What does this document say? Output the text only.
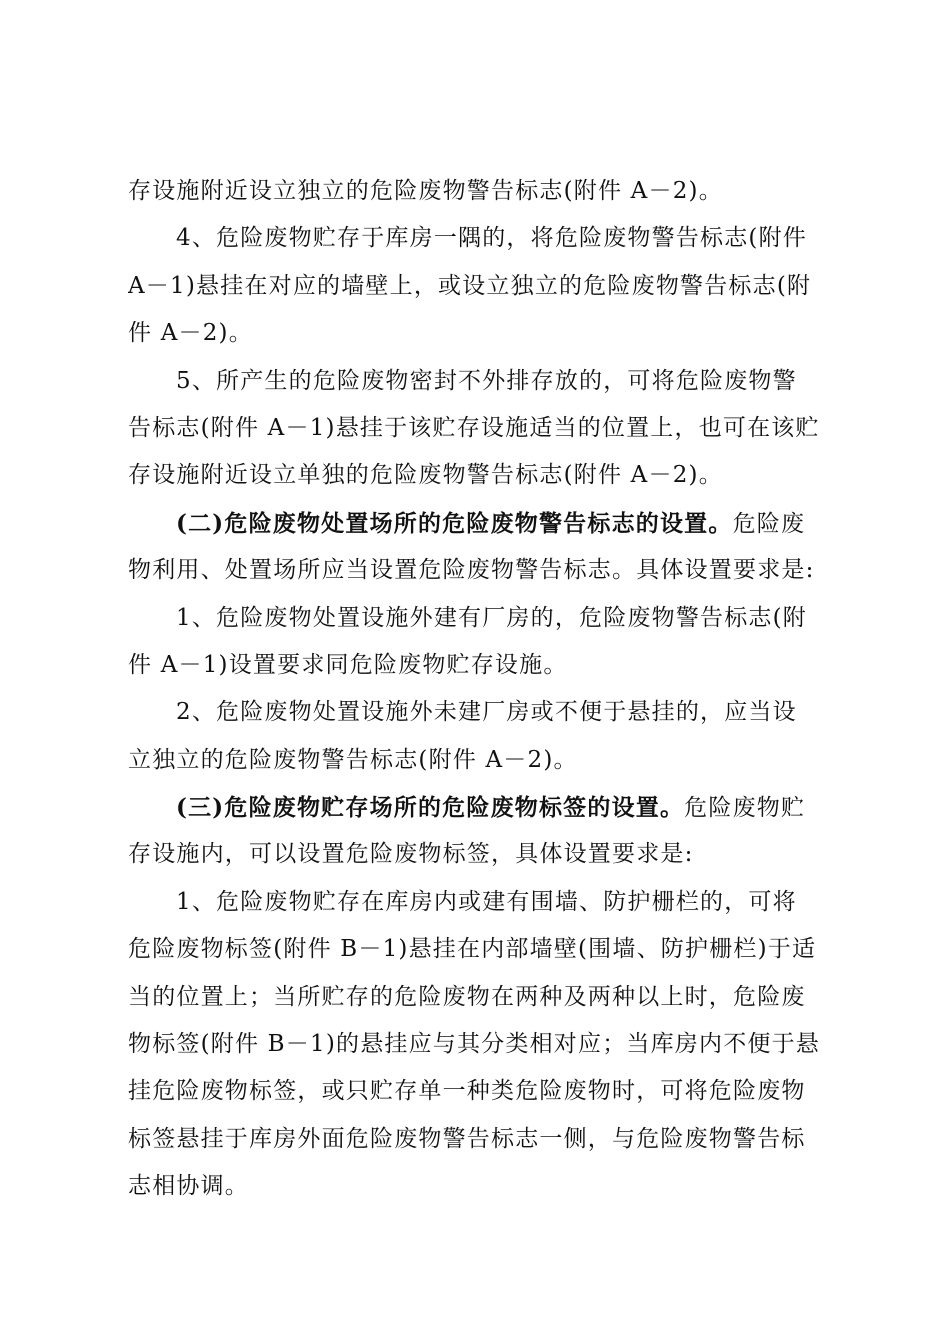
存设施附近设立独立的危险废物警告标志(附件 A－2)。
4、危险废物贮存于库房一隅的，将危险废物警告标志(附件
A－1)悬挂在对应的墙壁上，或设立独立的危险废物警告标志(附
件 A－2)。
5、所产生的危险废物密封不外排存放的，可将危险废物警
告标志(附件 A－1)悬挂于该贮存设施适当的位置上，也可在该贮
存设施附近设立单独的危险废物警告标志(附件 A－2)。
(二)危险废物处置场所的危险废物警告标志的设置。危险废
物利用、处置场所应当设置危险废物警告标志。具体设置要求是:
1、危险废物处置设施外建有厂房的，危险废物警告标志(附
件 A－1)设置要求同危险废物贮存设施。
2、危险废物处置设施外未建厂房或不便于悬挂的，应当设
立独立的危险废物警告标志(附件 A－2)。
(三)危险废物贮存场所的危险废物标签的设置。危险废物贮
存设施内，可以设置危险废物标签，具体设置要求是:
1、危险废物贮存在库房内或建有围墙、防护栅栏的，可将
危险废物标签(附件 B－1)悬挂在内部墙壁(围墙、防护栅栏)于适
当的位置上；当所贮存的危险废物在两种及两种以上时，危险废
物标签(附件 B－1)的悬挂应与其分类相对应；当库房内不便于悬
挂危险废物标签，或只贮存单一种类危险废物时，可将危险废物
标签悬挂于库房外面危险废物警告标志一侧，与危险废物警告标
志相协调。
